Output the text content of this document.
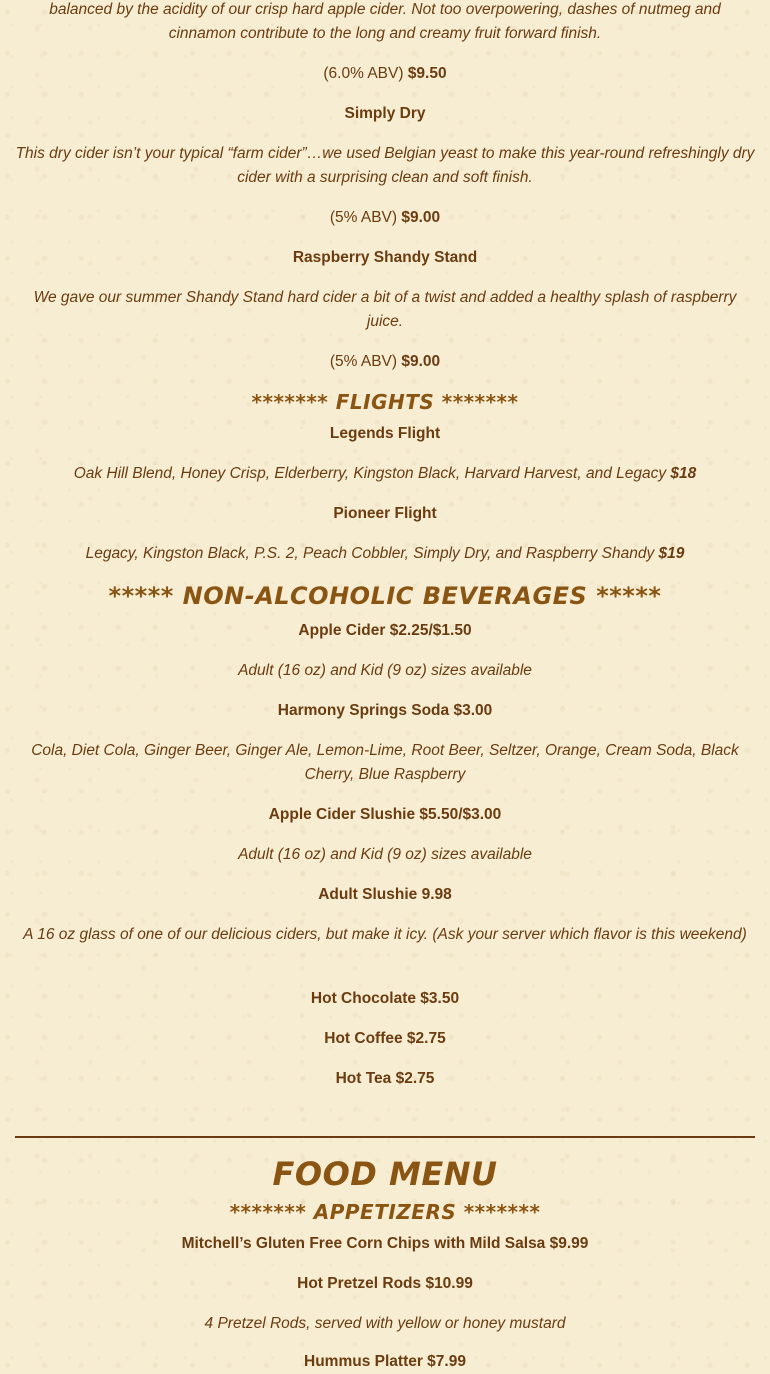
balanced by the acidity of our crisp hard apple cider. Not too overpowering, dashes of nutmeg and cinnamon contribute to the long and creamy fruit forward finish.

(6.0% ABV) $9.50

Simply Dry

This dry cider isn’t your typical “farm cider”…we used Belgian yeast to make this year-round refreshingly dry cider with a surprising clean and soft finish.

(5% ABV) $9.00

Raspberry Shandy Stand

We gave our summer Shandy Stand hard cider a bit of a twist and added a healthy splash of raspberry juice.

(5% ABV) $9.00

******* FLIGHTS *******

Legends Flight

Oak Hill Blend, Honey Crisp, Elderberry, Kingston Black, Harvard Harvest, and Legacy $18

Pioneer Flight

Legacy, Kingston Black, P.S. 2, Peach Cobbler, Simply Dry, and Raspberry Shandy $19

***** NON-ALCOHOLIC BEVERAGES *****

Apple Cider $2.25/$1.50

Adult (16 oz) and Kid (9 oz) sizes available

Harmony Springs Soda $3.00

Cola, Diet Cola, Ginger Beer, Ginger Ale, Lemon-Lime, Root Beer, Seltzer, Orange, Cream Soda, Black Cherry, Blue Raspberry

Apple Cider Slushie $5.50/$3.00

Adult (16 oz) and Kid (9 oz) sizes available

Adult Slushie 9.98

A 16 oz glass of one of our delicious ciders, but make it icy. (Ask your server which flavor is this weekend)

Hot Chocolate $3.50

Hot Coffee $2.75

Hot Tea $2.75

FOOD MENU
******* APPETIZERS *******

Mitchell’s Gluten Free Corn Chips with Mild Salsa $9.99

Hot Pretzel Rods $10.99

4 Pretzel Rods, served with yellow or honey mustard

Hummus Platter $7.99
